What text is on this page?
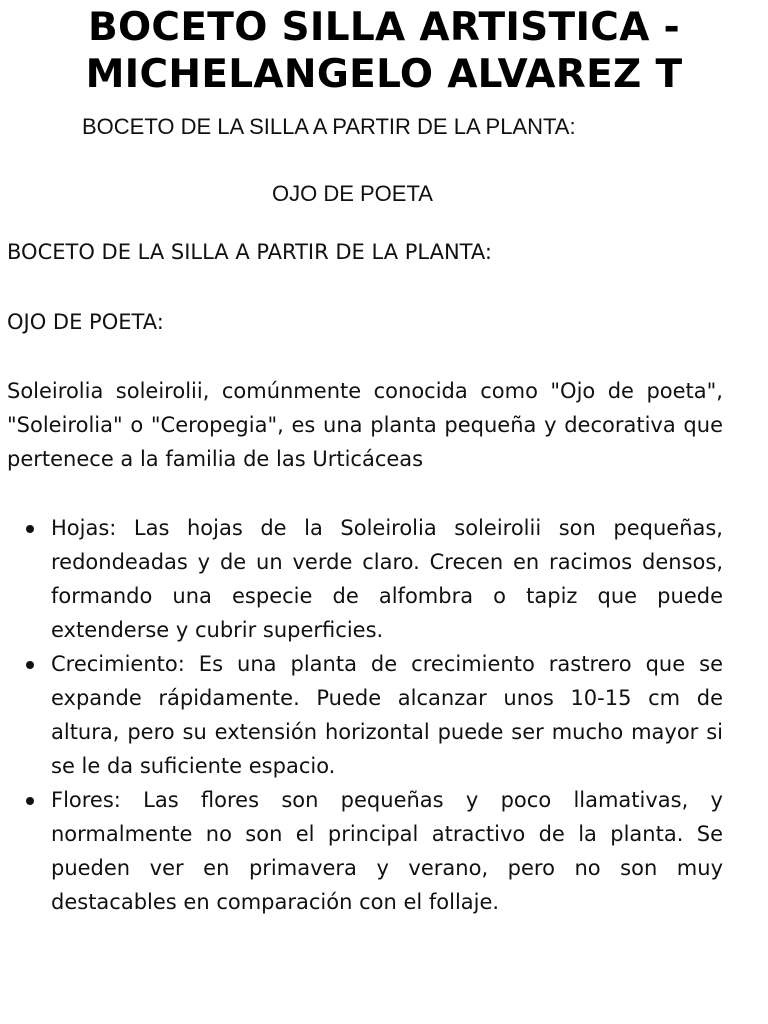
BOCETO SILLA ARTISTICA -
MICHELANGELO ALVAREZ T

BOCETO DE LA SILLA A PARTIR DE LA PLANTA:

OJO DE POETA

BOCETO DE LA SILLA A PARTIR DE LA PLANTA:

OJO DE POETA:

Soleirolia soleirolii, comúnmente conocida como "Ojo de poeta", "Soleirolia" o "Ceropegia", es una planta pequeña y decorativa que pertenece a la familia de las Urticáceas

Hojas: Las hojas de la Soleirolia soleirolii son pequeñas, redondeadas y de un verde claro. Crecen en racimos densos, formando una especie de alfombra o tapiz que puede extenderse y cubrir superficies.
Crecimiento: Es una planta de crecimiento rastrero que se expande rápidamente. Puede alcanzar unos 10-15 cm de altura, pero su extensión horizontal puede ser mucho mayor si se le da suficiente espacio.
Flores: Las flores son pequeñas y poco llamativas, y normalmente no son el principal atractivo de la planta. Se pueden ver en primavera y verano, pero no son muy destacables en comparación con el follaje.
